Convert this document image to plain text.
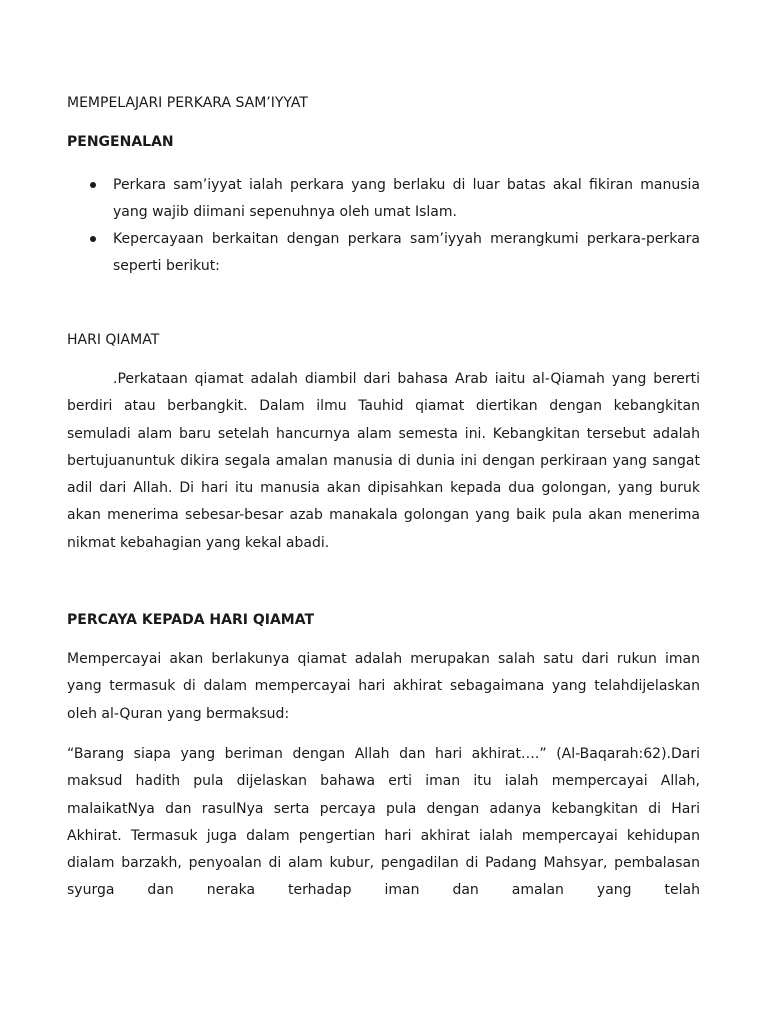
MEMPELAJARI PERKARA SAM’IYYAT
PENGENALAN
Perkara sam’iyyat ialah perkara yang berlaku di luar batas akal fikiran manusia yang wajib diimani sepenuhnya oleh umat Islam.
Kepercayaan berkaitan dengan perkara sam’iyyah merangkumi perkara-perkara seperti berikut:
HARI QIAMAT

.Perkataan qiamat adalah diambil dari bahasa Arab iaitu al-Qiamah yang bererti berdiri atau berbangkit. Dalam ilmu Tauhid qiamat diertikan dengan kebangkitan semuladi alam baru setelah hancurnya alam semesta ini. Kebangkitan tersebut adalah bertujuanuntuk dikira segala amalan manusia di dunia ini dengan perkiraan yang sangat adil dari Allah. Di hari itu manusia akan dipisahkan kepada dua golongan, yang buruk akan menerima sebesar-besar azab manakala golongan yang baik pula akan menerima nikmat kebahagian yang kekal abadi.

PERCAYA KEPADA HARI QIAMAT

Mempercayai akan berlakunya qiamat adalah merupakan salah satu dari rukun iman yang termasuk di dalam mempercayai hari akhirat sebagaimana yang telahdijelaskan oleh al-Quran yang bermaksud:

“Barang siapa yang beriman dengan Allah dan hari akhirat….” (Al-Baqarah:62).Dari maksud hadith pula dijelaskan bahawa erti iman itu ialah mempercayai Allah, malaikatNya dan rasulNya serta percaya pula dengan adanya kebangkitan di Hari Akhirat. Termasuk juga dalam pengertian hari akhirat ialah mempercayai kehidupan dialam barzakh, penyoalan di alam kubur, pengadilan di Padang Mahsyar, pembalasan syurga dan neraka terhadap iman dan amalan yang telah
